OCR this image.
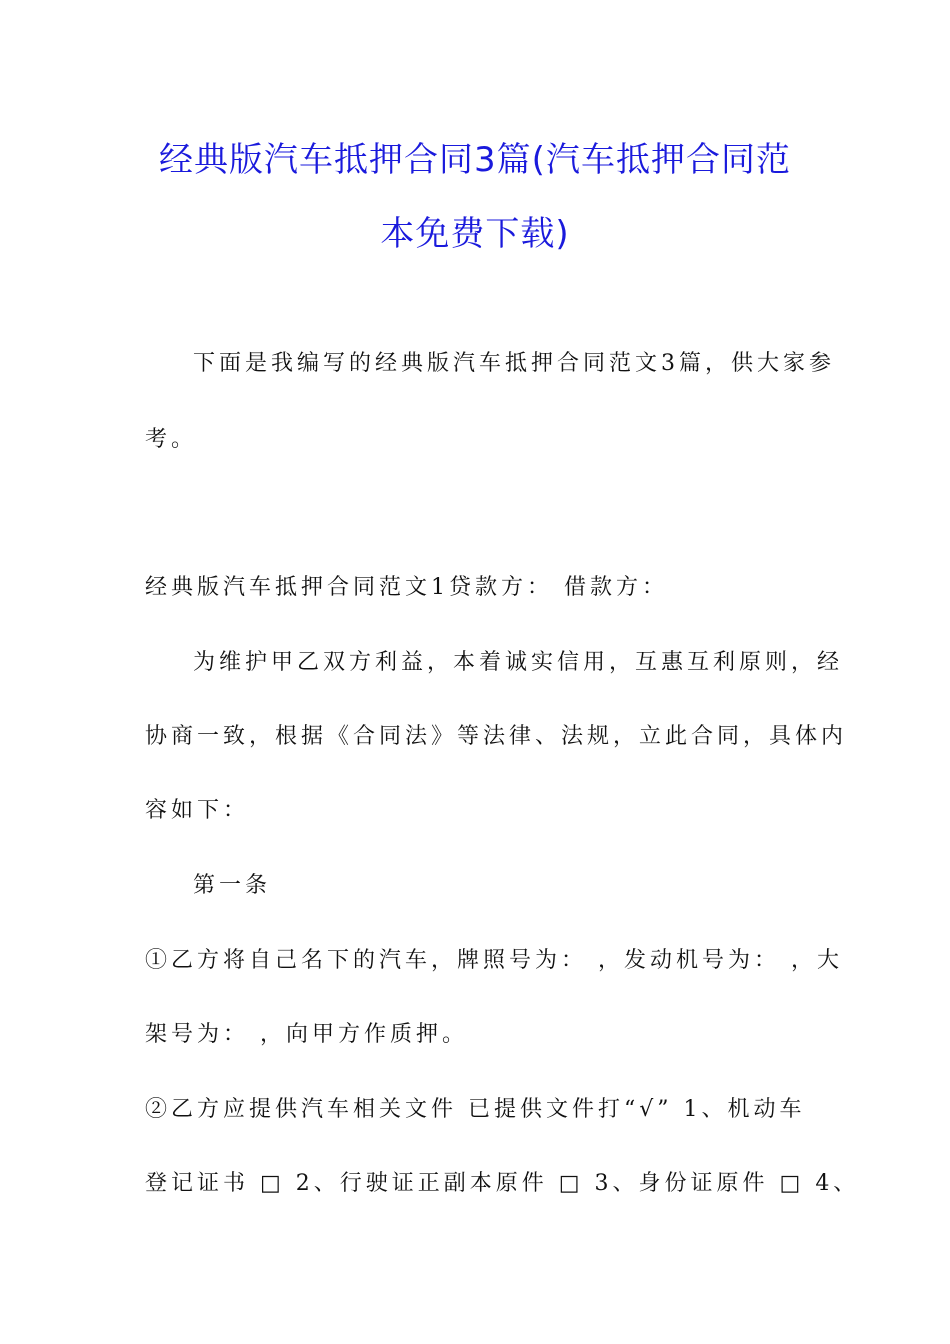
经典版汽车抵押合同3篇(汽车抵押合同范
本免费下载)
下面是我编写的经典版汽车抵押合同范文3篇，供大家参
考。
经典版汽车抵押合同范文1贷款方： 借款方：
为维护甲乙双方利益，本着诚实信用，互惠互利原则，经
协商一致，根据《合同法》等法律、法规，立此合同，具体内
容如下：
第一条
①乙方将自己名下的汽车，牌照号为： ，发动机号为： ，大
架号为： ，向甲方作质押。
②乙方应提供汽车相关文件 已提供文件打“√” 1、机动车
登记证书 □ 2、行驶证正副本原件 □ 3、身份证原件 □ 4、
